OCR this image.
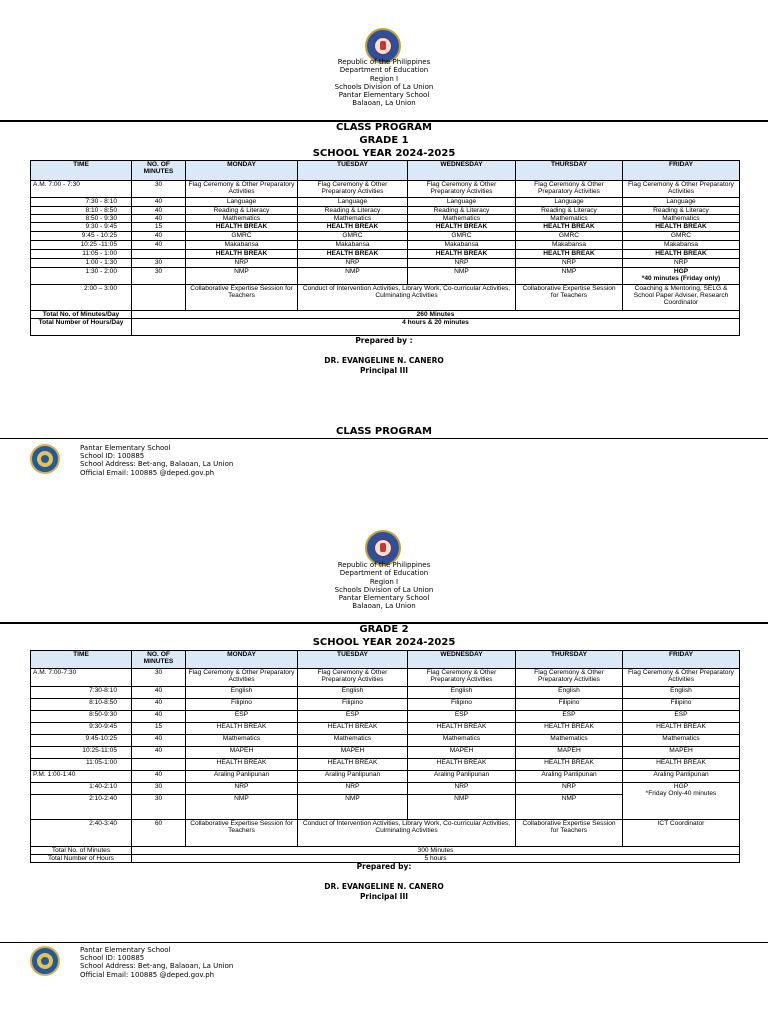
Republic of the Philippines
Department of Education
Region I
Schools Division of La Union
Pantar Elementary School
Balaoan, La Union
CLASS PROGRAM
GRADE 1
SCHOOL YEAR 2024-2025
TIME	NO. OF MINUTES	MONDAY	TUESDAY	WEDNESDAY	THURSDAY	FRIDAY
A.M. 7:00 - 7:30	30	Flag Ceremony & Other Preparatory Activities	Flag Ceremony & Other Preparatory Activities	Flag Ceremony & Other Preparatory Activities	Flag Ceremony & Other Preparatory Activities	Flag Ceremony & Other Preparatory Activities
7:30 - 8:10	40	Language	Language	Language	Language	Language
8:10 - 8:50	40	Reading & Literacy	Reading & Literacy	Reading & Literacy	Reading & Literacy	Reading & Literacy
8:50 - 9:30	40	Mathematics	Mathematics	Mathematics	Mathematics	Mathematics
9:30 - 9:45	15	HEALTH BREAK	HEALTH BREAK	HEALTH BREAK	HEALTH BREAK	HEALTH BREAK
9:45 - 10:25	40	GMRC	GMRC	GMRC	GMRC	GMRC
10:25 -11:05	40	Makabansa	Makabansa	Makabansa	Makabansa	Makabansa
11:05 - 1:00		HEALTH BREAK	HEALTH BREAK	HEALTH BREAK	HEALTH BREAK	HEALTH BREAK
1:00 - 1:30	30	NRP	NRP	NRP	NRP	NRP
1:30 - 2:00	30	NMP	NMP	NMP	NMP	HGP
*40 minutes (Friday only)
2:00 – 3:00		Collaborative Expertise Session for Teachers	Conduct of Intervention Activities, Library Work, Co-curricular Activities, Culminating Activities		Collaborative Expertise Session for Teachers	Coaching & Mentoring, SELG & School Paper Adviser, Research Coordinator
Total No. of Minutes/Day	260 Minutes					
Total Number of Hours/Day	4 hours & 20 minutes					
Prepared by :
DR. EVANGELINE N. CANERO
Principal III
CLASS PROGRAM
Pantar Elementary School
School ID: 100885
School Address: Bet-ang, Balaoan, La Union
Official Email: 100885 @deped.gov.ph
Republic of the Philippines
Department of Education
Region I
Schools Division of La Union
Pantar Elementary School
Balaoan, La Union
GRADE 2
SCHOOL YEAR 2024-2025
TIME	NO. OF MINUTES	MONDAY	TUESDAY	WEDNESDAY	THURSDAY	FRIDAY
A.M. 7:00-7:30	30	Flag Ceremony & Other Preparatory Activities	Flag Ceremony & Other Preparatory Activities	Flag Ceremony & Other Preparatory Activities	Flag Ceremony & Other Preparatory Activities	Flag Ceremony & Other Preparatory Activities
7:30-8:10	40	English	English	English	English	English
8:10-8:50	40	Filipino	Filipino	Filipino	Filipino	Filipino
8:50-9:30	40	ESP	ESP	ESP	ESP	ESP
9:30-9:45	15	HEALTH BREAK	HEALTH BREAK	HEALTH BREAK	HEALTH BREAK	HEALTH BREAK
9:45-10:25	40	Mathematics	Mathematics	Mathematics	Mathematics	Mathematics
10:25-11:05	40	MAPEH	MAPEH	MAPEH	MAPEH	MAPEH
11:05-1:00		HEALTH BREAK	HEALTH BREAK	HEALTH BREAK	HEALTH BREAK	HEALTH BREAK
P.M. 1:00-1:40	40	Araling Panlipunan	Araling Panlipunan	Araling Panlipunan	Araling Panlipunan	Araling Panlipunan
1:40-2:10	30	NRP	NRP	NRP	NRP	HGP
*Friday Only-40 minutes
2:10-2:40	30	NMP	NMP	NMP	NMP	
2:40-3:40	60	Collaborative Expertise Session for Teachers	Conduct of Intervention Activities, Library Work, Co-curricular Activities, Culminating Activities		Collaborative Expertise Session for Teachers	ICT Coordinator
Total No. of Minutes	300 Minutes					
Total Number of Hours	5 hours					
Prepared by:
DR. EVANGELINE N. CANERO
Principal III
Pantar Elementary School
School ID: 100885
School Address: Bet-ang, Balaoan, La Union
Official Email: 100885 @deped.gov.ph
